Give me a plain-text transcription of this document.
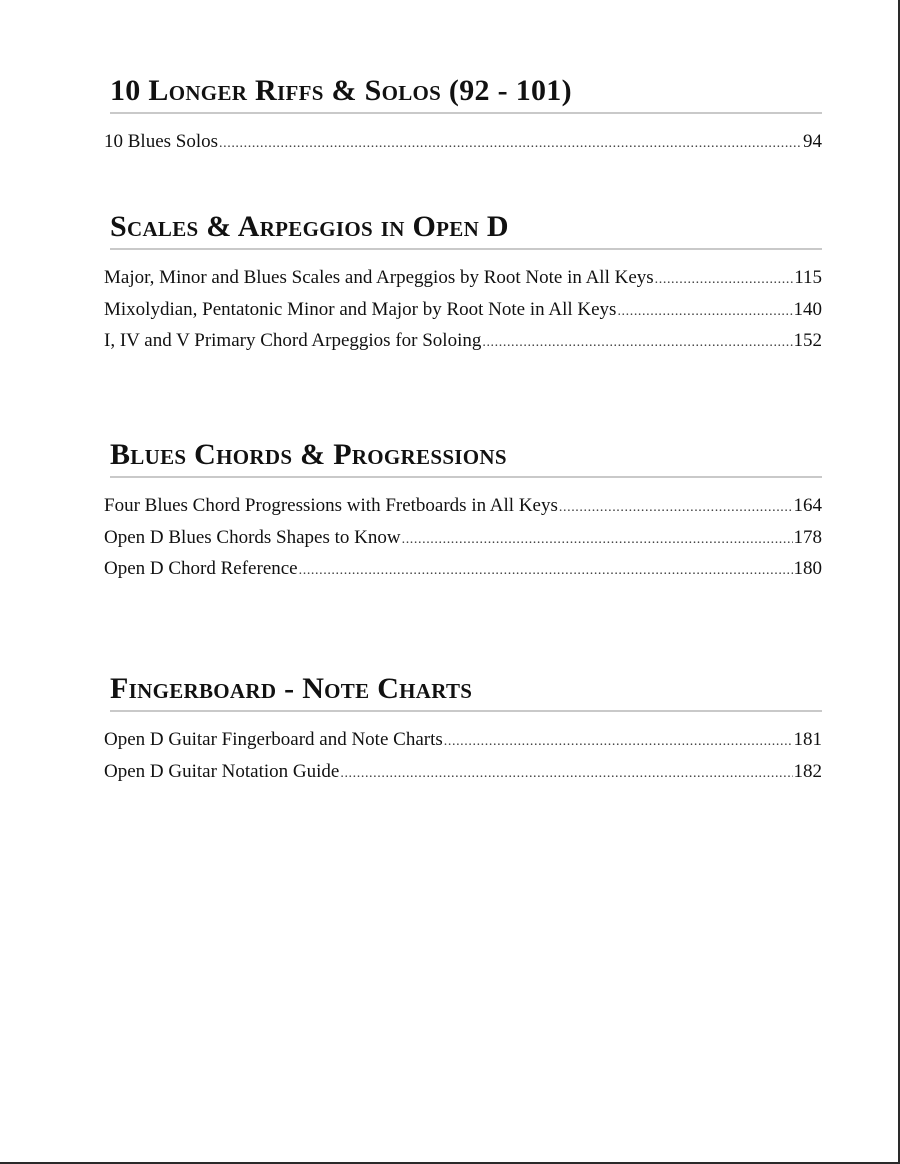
10 Longer Riffs & Solos (92 - 101)
10 Blues Solos .....	94
Scales & Arpeggios in Open D
Major, Minor and Blues Scales and Arpeggios by Root Note in All Keys .....	115
Mixolydian, Pentatonic Minor and Major by Root Note in All Keys .....	140
I, IV and V Primary Chord Arpeggios for Soloing .....	152
Blues Chords & Progressions
Four Blues Chord Progressions with Fretboards in All Keys .....	164
Open D Blues Chords Shapes to Know .....	178
Open D Chord Reference .....	180
Fingerboard - Note Charts
Open D Guitar Fingerboard and Note Charts .....	181
Open D Guitar Notation Guide .....	182
